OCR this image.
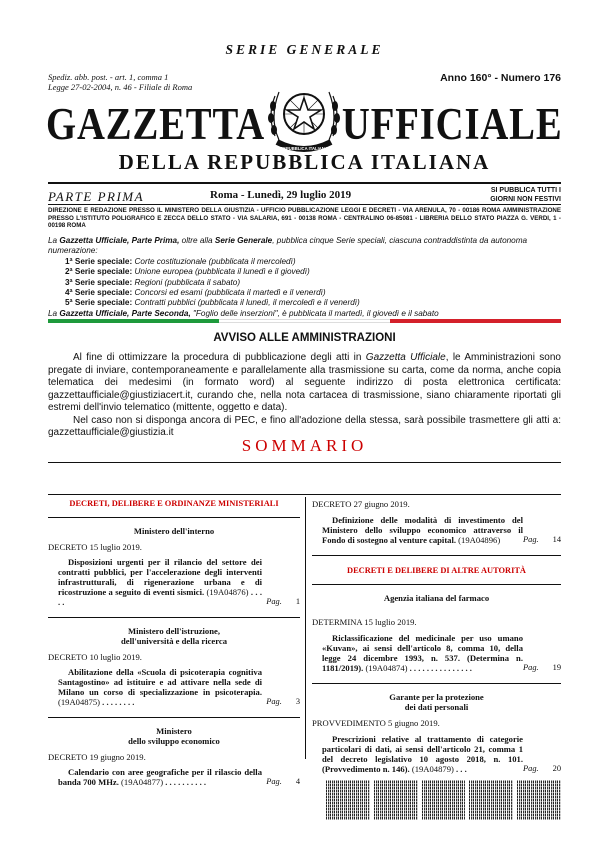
SERIE GENERALE
Spediz. abb. post. - art. 1, comma 1
Legge 27-02-2004, n. 46 - Filiale di Roma
Anno 160° - Numero 176
GAZZETTA UFFICIALE
REPUBBLICA ITALIANA
DELLA REPUBBLICA ITALIANA
PARTE PRIMA	Roma - Lunedì, 29 luglio 2019	SI PUBBLICA TUTTI I
GIORNI NON FESTIVI
DIREZIONE E REDAZIONE PRESSO IL MINISTERO DELLA GIUSTIZIA - UFFICIO PUBBLICAZIONE LEGGI E DECRETI - VIA ARENULA, 70 - 00186 ROMA AMMINISTRAZIONE PRESSO L'ISTITUTO POLIGRAFICO E ZECCA DELLO STATO - VIA SALARIA, 691 - 00138 ROMA - CENTRALINO 06-85081 - LIBRERIA DELLO STATO PIAZZA G. VERDI, 1 - 00198 ROMA
La Gazzetta Ufficiale, Parte Prima, oltre alla Serie Generale, pubblica cinque Serie speciali, ciascuna contraddistinta da autonoma numerazione:
1ª Serie speciale: Corte costituzionale (pubblicata il mercoledì)
2ª Serie speciale: Unione europea (pubblicata il lunedì e il giovedì)
3ª Serie speciale: Regioni (pubblicata il sabato)
4ª Serie speciale: Concorsi ed esami (pubblicata il martedì e il venerdì)
5ª Serie speciale: Contratti pubblici (pubblicata il lunedì, il mercoledì e il venerdì)
La Gazzetta Ufficiale, Parte Seconda, "Foglio delle inserzioni", è pubblicata il martedì, il giovedì e il sabato
AVVISO ALLE AMMINISTRAZIONI

Al fine di ottimizzare la procedura di pubblicazione degli atti in Gazzetta Ufficiale, le Amministrazioni sono pregate di inviare, contemporaneamente e parallelamente alla trasmissione su carta, come da norma, anche copia telematica dei medesimi (in formato word) al seguente indirizzo di posta elettronica certificata: gazzettaufficiale@giustiziacert.it, curando che, nella nota cartacea di trasmissione, siano chiaramente riportati gli estremi dell'invio telematico (mittente, oggetto e data).

Nel caso non si disponga ancora di PEC, e fino all'adozione della stessa, sarà possibile trasmettere gli atti a: gazzettaufficiale@giustizia.it

SOMMARIO
DECRETI, DELIBERE E ORDINANZE MINISTERIALI
Ministero dell'interno
DECRETO 15 luglio 2019.
Disposizioni urgenti per il rilancio del settore dei contratti pubblici, per l'accelerazione degli interventi infrastrutturali, di rigenerazione urbana e di ricostruzione a seguito di eventi sismici. (19A04876) . . . . .	Pag. 1
Ministero dell'istruzione,
dell'università e della ricerca
DECRETO 10 luglio 2019.
Abilitazione della «Scuola di psicoterapia cognitiva Santagostino» ad istituire e ad attivare nella sede di Milano un corso di specializzazione in psicoterapia. (19A04875) . . . . . . . .	Pag. 3
Ministero
dello sviluppo economico
DECRETO 19 giugno 2019.
Calendario con aree geografiche per il rilascio della banda 700 MHz. (19A04877) . . . . . . . . . .	Pag. 4
DECRETO 27 giugno 2019.
Definizione delle modalità di investimento del Ministero dello sviluppo economico attraverso il Fondo di sostegno al venture capital. (19A04896)	Pag. 14
DECRETI E DELIBERE DI ALTRE AUTORITÀ
Agenzia italiana del farmaco
DETERMINA 15 luglio 2019.
Riclassificazione del medicinale per uso umano «Kuvan», ai sensi dell'articolo 8, comma 10, della legge 24 dicembre 1993, n. 537. (Determina n. 1181/2019). (19A04874) . . . . . . . . . . . . . . .	Pag. 19
Garante per la protezione
dei dati personali
PROVVEDIMENTO 5 giugno 2019.
Prescrizioni relative al trattamento di categorie particolari di dati, ai sensi dell'articolo 21, comma 1 del decreto legislativo 10 agosto 2018, n. 101. (Provvedimento n. 146). (19A04879) . . .	Pag. 20
